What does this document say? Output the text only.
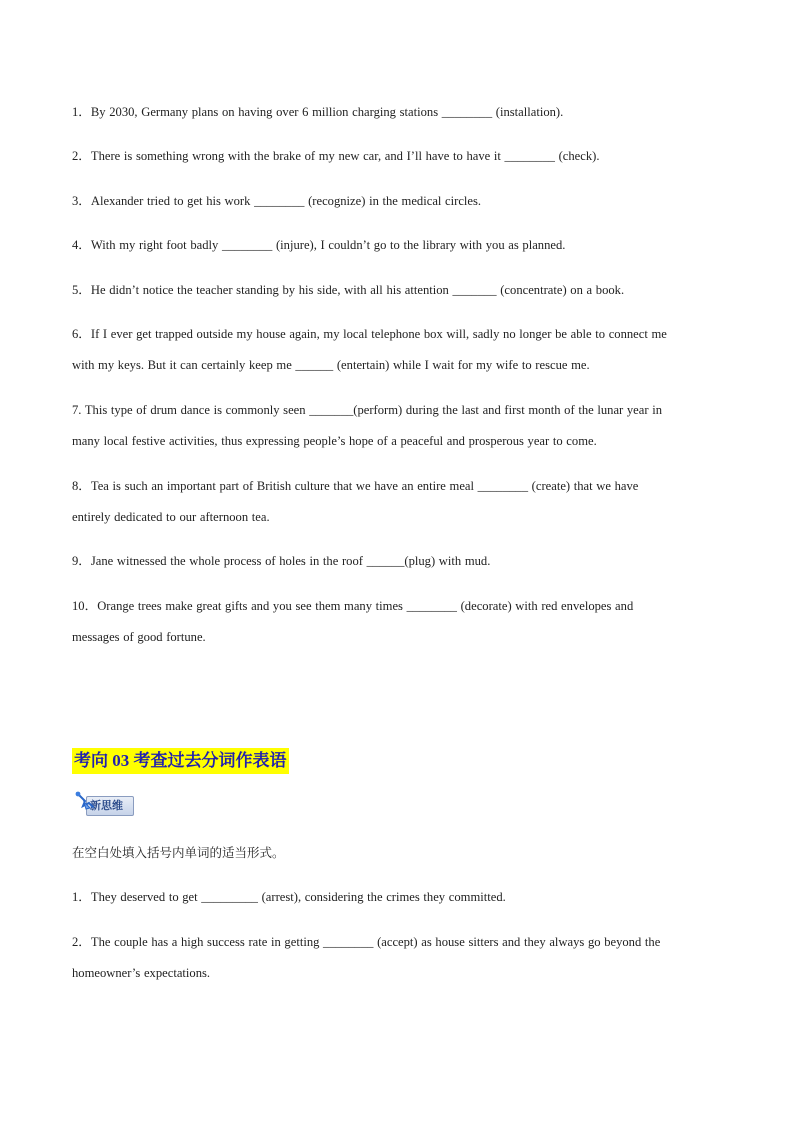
1．By 2030, Germany plans on having over 6 million charging stations ________ (installation).

2．There is something wrong with the brake of my new car, and I’ll have to have it ________ (check).

3．Alexander tried to get his work ________ (recognize) in the medical circles.

4．With my right foot badly ________ (injure), I couldn’t go to the library with you as planned.

5．He didn’t notice the teacher standing by his side, with all his attention _______ (concentrate) on a book.

6．If I ever get trapped outside my house again, my local telephone box will, sadly no longer be able to connect me
with my keys. But it can certainly keep me ______ (entertain) while I wait for my wife to rescue me.

7. This type of drum dance is commonly seen _______(perform) during the last and first month of the lunar year in
many local festive activities, thus expressing people’s hope of a peaceful and prosperous year to come.

8．Tea is such an important part of British culture that we have an entire meal ________ (create) that we have
entirely dedicated to our afternoon tea.

9．Jane witnessed the whole process of holes in the roof ______(plug) with mud.

10．Orange trees make great gifts and you see them many times ________ (decorate) with red envelopes and
messages of good fortune.

考向 03 考查过去分词作表语
新思维
在空白处填入括号内单词的适当形式。

1．They deserved to get _________ (arrest), considering the crimes they committed.

2．The couple has a high success rate in getting ________ (accept) as house sitters and they always go beyond the
homeowner’s expectations.
